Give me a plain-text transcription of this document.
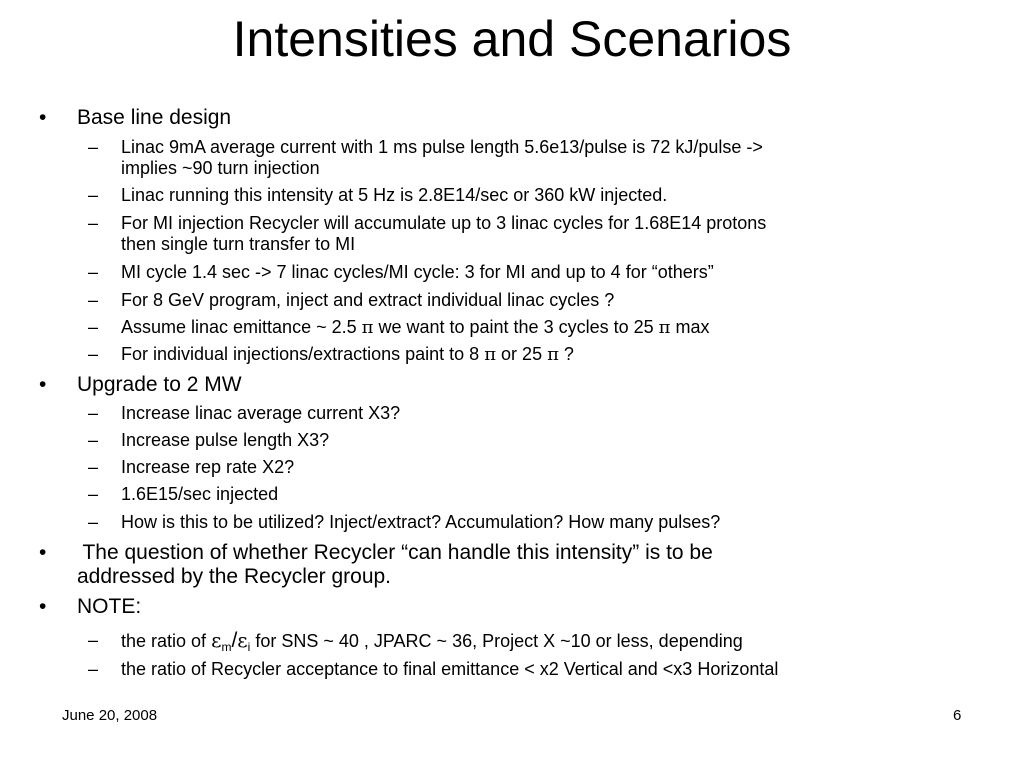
Intensities and Scenarios
• Base line design
– Linac 9mA average current with 1 ms pulse length 5.6e13/pulse is 72 kJ/pulse ->
implies ~90 turn injection
– Linac running this intensity at 5 Hz is 2.8E14/sec or 360 kW injected.
– For MI injection Recycler will accumulate up to 3 linac cycles for 1.68E14 protons
then single turn transfer to MI
– MI cycle 1.4 sec -> 7 linac cycles/MI cycle: 3 for MI and up to 4 for “others”
– For 8 GeV program, inject and extract individual linac cycles ?
– Assume linac emittance ~ 2.5 π we want to paint the 3 cycles to 25 π max
– For individual injections/extractions paint to 8 π or 25 π ?
• Upgrade to 2 MW
– Increase linac average current X3?
– Increase pulse length X3?
– Increase rep rate X2?
– 1.6E15/sec injected
– How is this to be utilized? Inject/extract? Accumulation? How many pulses?
• The question of whether Recycler “can handle this intensity” is to be
addressed by the Recycler group.
• NOTE:
– the ratio of $\varepsilon_m/\varepsilon_i$ for SNS ~ 40 , JPARC ~ 36, Project X ~10 or less, depending
– the ratio of Recycler acceptance to final emittance < x2 Vertical and <x3 Horizontal
June 20, 2008	6
